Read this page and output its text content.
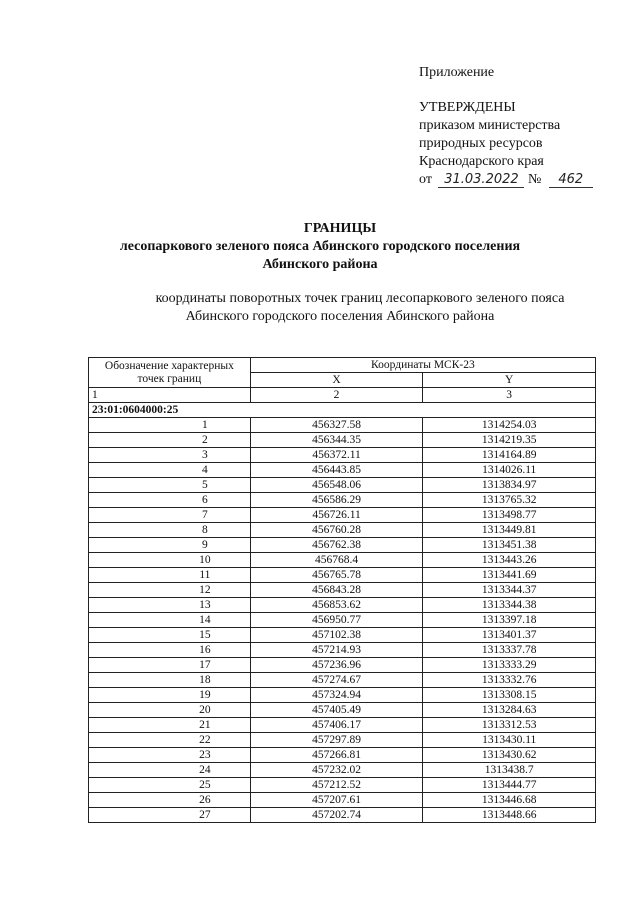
Приложение
УТВЕРЖДЕНЫ
приказом министерства
природных ресурсов
Краснодарского края
от 31.03.2022 № 462
ГРАНИЦЫ
лесопаркового зеленого пояса Абинского городского поселения
Абинского района
координаты поворотных точек границ лесопаркового зеленого пояса
Абинского городского поселения Абинского района
Обозначение характерных точек границ	Координаты МСК-23	
	X	Y
1	2	3
23:01:0604000:25		
1	456327.58	1314254.03
2	456344.35	1314219.35
3	456372.11	1314164.89
4	456443.85	1314026.11
5	456548.06	1313834.97
6	456586.29	1313765.32
7	456726.11	1313498.77
8	456760.28	1313449.81
9	456762.38	1313451.38
10	456768.4	1313443.26
11	456765.78	1313441.69
12	456843.28	1313344.37
13	456853.62	1313344.38
14	456950.77	1313397.18
15	457102.38	1313401.37
16	457214.93	1313337.78
17	457236.96	1313333.29
18	457274.67	1313332.76
19	457324.94	1313308.15
20	457405.49	1313284.63
21	457406.17	1313312.53
22	457297.89	1313430.11
23	457266.81	1313430.62
24	457232.02	1313438.7
25	457212.52	1313444.77
26	457207.61	1313446.68
27	457202.74	1313448.66
